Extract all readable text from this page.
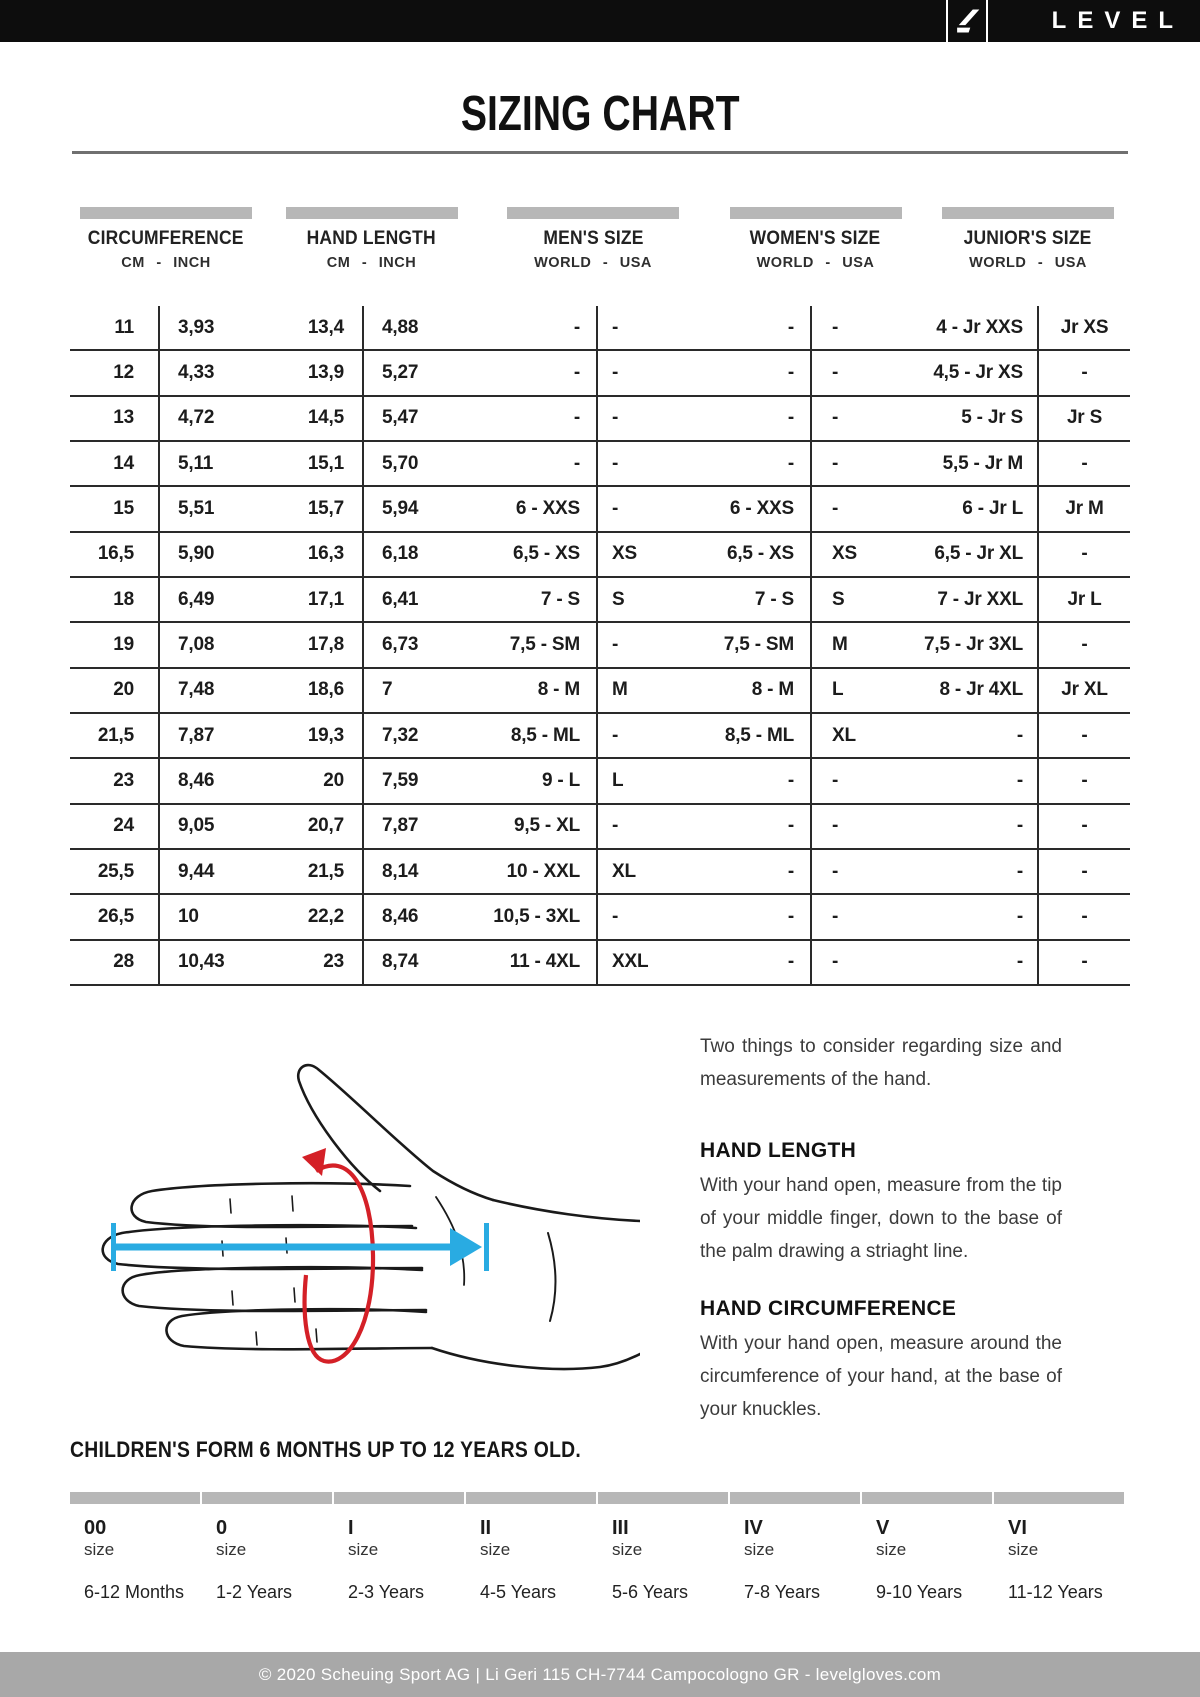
LEVEL
SIZING CHART
CIRCUMFERENCE
CM - INCH
HAND LENGTH
CM - INCH
MEN'S SIZE
WORLD - USA
WOMEN'S SIZE
WORLD - USA
JUNIOR'S SIZE
WORLD - USA
11	3,93	13,4	4,88	-	-	-	-	4 - Jr XXS	Jr XS
12	4,33	13,9	5,27	-	-	-	-	4,5 - Jr XS	-
13	4,72	14,5	5,47	-	-	-	-	5 - Jr S	Jr S
14	5,11	15,1	5,70	-	-	-	-	5,5 - Jr M	-
15	5,51	15,7	5,94	6 - XXS	-	6 - XXS	-	6 - Jr L	Jr M
16,5	5,90	16,3	6,18	6,5 - XS	XS	6,5 - XS	XS	6,5 - Jr XL	-
18	6,49	17,1	6,41	7 - S	S	7 - S	S	7 - Jr XXL	Jr L
19	7,08	17,8	6,73	7,5 - SM	-	7,5 - SM	M	7,5 - Jr 3XL	-
20	7,48	18,6	7	8 - M	M	8 - M	L	8 - Jr 4XL	Jr XL
21,5	7,87	19,3	7,32	8,5 - ML	-	8,5 - ML	XL	-	-
23	8,46	20	7,59	9 - L	L	-	-	-	-
24	9,05	20,7	7,87	9,5 - XL	-	-	-	-	-
25,5	9,44	21,5	8,14	10 - XXL	XL	-	-	-	-
26,5	10	22,2	8,46	10,5 - 3XL	-	-	-	-	-
28	10,43	23	8,74	11 - 4XL	XXL	-	-	-	-

Two things to consider regarding size and measurements of the hand.

HAND LENGTH

With your hand open, measure from the tip of your middle finger, down to the base of the palm drawing a striaght line.

HAND CIRCUMFERENCE

With your hand open, measure around the circumference of your hand, at the base of your knuckles.

CHILDREN'S FORM 6 MONTHS UP TO 12 YEARS OLD.
00
size
6-12 Months
0
size
1-2 Years
I
size
2-3 Years
II
size
4-5 Years
III
size
5-6 Years
IV
size
7-8 Years
V
size
9-10 Years
VI
size
11-12 Years
© 2020 Scheuing Sport AG | Li Geri 115 CH-7744 Campocologno GR - levelgloves.com
